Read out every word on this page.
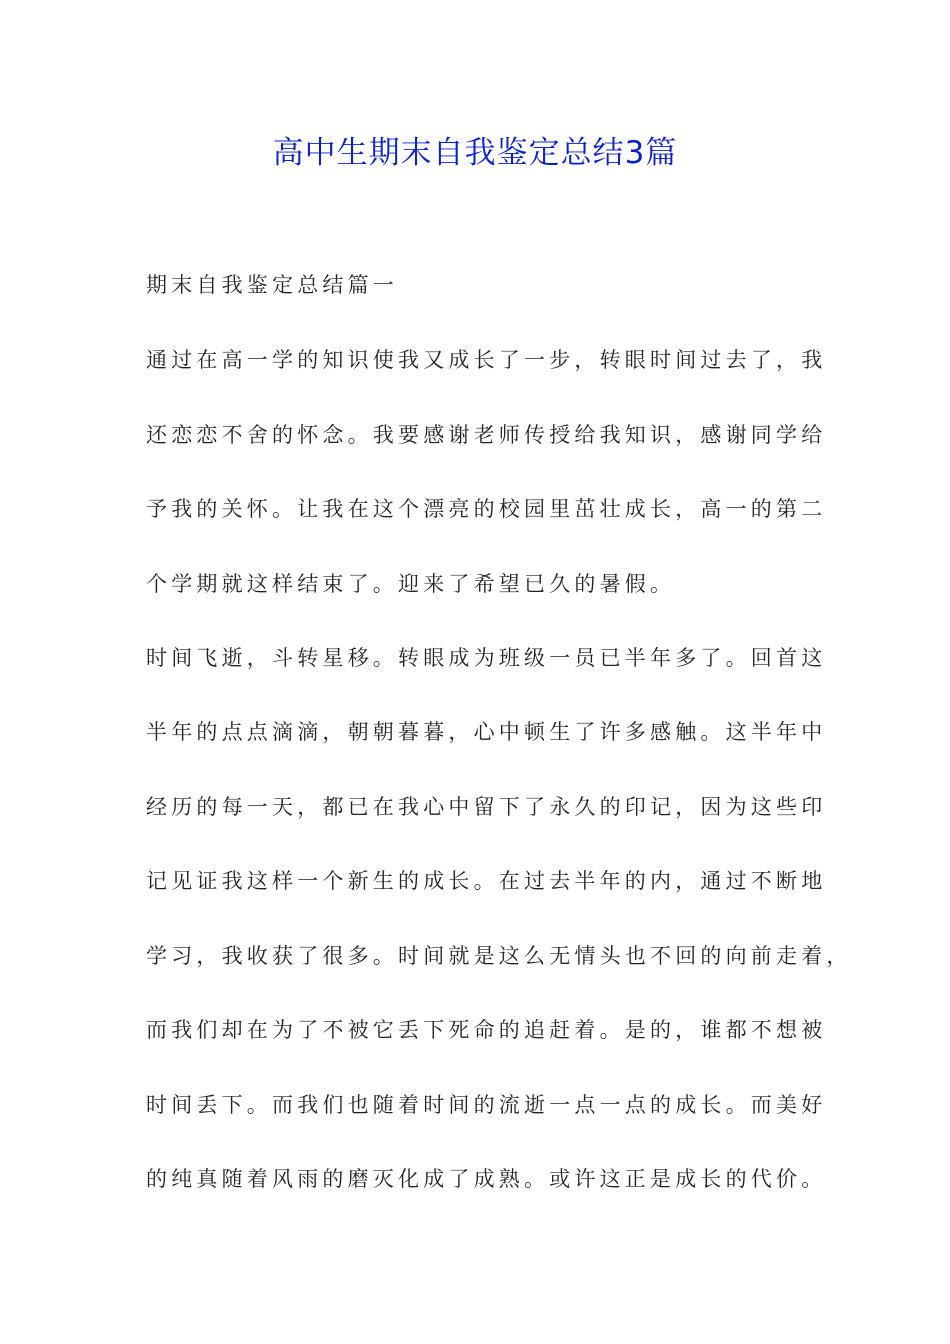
高中生期末自我鉴定总结3篇
期末自我鉴定总结篇一
通过在高一学的知识使我又成长了一步，转眼时间过去了，我
还恋恋不舍的怀念。我要感谢老师传授给我知识，感谢同学给
予我的关怀。让我在这个漂亮的校园里茁壮成长，高一的第二
个学期就这样结束了。迎来了希望已久的暑假。
时间飞逝，斗转星移。转眼成为班级一员已半年多了。回首这
半年的点点滴滴，朝朝暮暮，心中顿生了许多感触。这半年中
经历的每一天，都已在我心中留下了永久的印记，因为这些印
记见证我这样一个新生的成长。在过去半年的内，通过不断地
学习，我收获了很多。时间就是这么无情头也不回的向前走着，
而我们却在为了不被它丢下死命的追赶着。是的，谁都不想被
时间丢下。而我们也随着时间的流逝一点一点的成长。而美好
的纯真随着风雨的磨灭化成了成熟。或许这正是成长的代价。
